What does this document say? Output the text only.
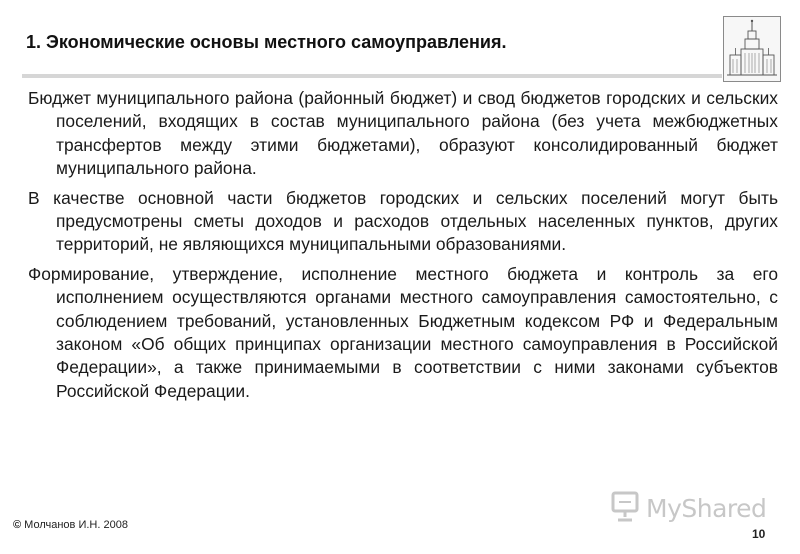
1. Экономические основы местного самоуправления.

Бюджет муниципального района (районный бюджет) и свод бюджетов городских и сельских поселений, входящих в состав муниципального района (без учета межбюджетных трансфертов между этими бюджетами), образуют консолидированный бюджет муниципального района.

В качестве основной части бюджетов городских и сельских поселений могут быть предусмотрены сметы доходов и расходов отдельных населенных пунктов, других территорий, не являющихся муниципальными образованиями.

Формирование, утверждение, исполнение местного бюджета и контроль за его исполнением осуществляются органами местного самоуправления самостоятельно, с соблюдением требований, установленных Бюджетным кодексом РФ и Федеральным законом «Об общих принципах организации местного самоуправления в Российской Федерации», а также принимаемыми в соответствии с ними законами субъектов Российской Федерации.

MyShared
© Молчанов И.Н. 2008
10
